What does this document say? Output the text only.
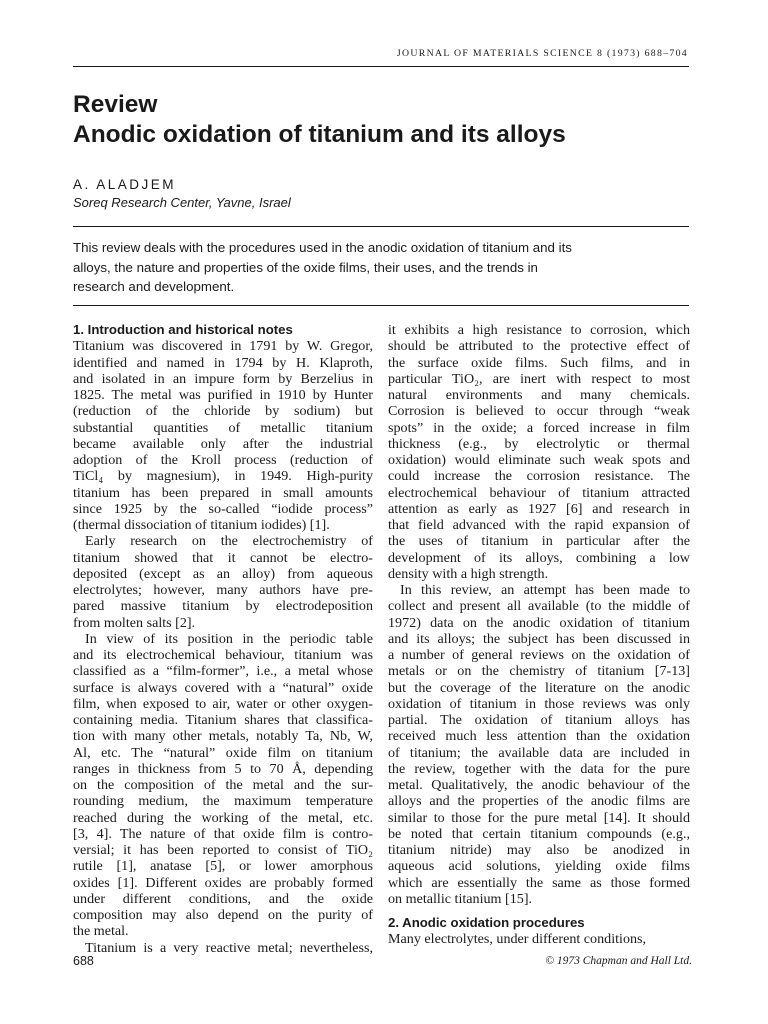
JOURNAL OF MATERIALS SCIENCE 8 (1973) 688–704
Review
Anodic oxidation of titanium and its alloys
A. ALADJEM
Soreq Research Center, Yavne, Israel
This review deals with the procedures used in the anodic oxidation of titanium and its
alloys, the nature and properties of the oxide films, their uses, and the trends in
research and development.
1. Introduction and historical notes
Titanium was discovered in 1791 by W. Gregor,
identified and named in 1794 by H. Klaproth,
and isolated in an impure form by Berzelius in
1825. The metal was purified in 1910 by Hunter
(reduction of the chloride by sodium) but
substantial quantities of metallic titanium
became available only after the industrial
adoption of the Kroll process (reduction of
TiCl₄ by magnesium), in 1949. High-purity
titanium has been prepared in small amounts
since 1925 by the so-called “iodide process”
(thermal dissociation of titanium iodides) [1].
Early research on the electrochemistry of
titanium showed that it cannot be electro-
deposited (except as an alloy) from aqueous
electrolytes; however, many authors have pre-
pared massive titanium by electrodeposition
from molten salts [2].
In view of its position in the periodic table
and its electrochemical behaviour, titanium was
classified as a “film-former”, i.e., a metal whose
surface is always covered with a “natural” oxide
film, when exposed to air, water or other oxygen-
containing media. Titanium shares that classifica-
tion with many other metals, notably Ta, Nb, W,
Al, etc. The “natural” oxide film on titanium
ranges in thickness from 5 to 70 Å, depending
on the composition of the metal and the sur-
rounding medium, the maximum temperature
reached during the working of the metal, etc.
[3, 4]. The nature of that oxide film is contro-
versial; it has been reported to consist of TiO₂
rutile [1], anatase [5], or lower amorphous
oxides [1]. Different oxides are probably formed
under different conditions, and the oxide
composition may also depend on the purity of
the metal.
Titanium is a very reactive metal; nevertheless,
it exhibits a high resistance to corrosion, which
should be attributed to the protective effect of
the surface oxide films. Such films, and in
particular TiO₂, are inert with respect to most
natural environments and many chemicals.
Corrosion is believed to occur through “weak
spots” in the oxide; a forced increase in film
thickness (e.g., by electrolytic or thermal
oxidation) would eliminate such weak spots and
could increase the corrosion resistance. The
electrochemical behaviour of titanium attracted
attention as early as 1927 [6] and research in
that field advanced with the rapid expansion of
the uses of titanium in particular after the
development of its alloys, combining a low
density with a high strength.
In this review, an attempt has been made to
collect and present all available (to the middle of
1972) data on the anodic oxidation of titanium
and its alloys; the subject has been discussed in
a number of general reviews on the oxidation of
metals or on the chemistry of titanium [7-13]
but the coverage of the literature on the anodic
oxidation of titanium in those reviews was only
partial. The oxidation of titanium alloys has
received much less attention than the oxidation
of titanium; the available data are included in
the review, together with the data for the pure
metal. Qualitatively, the anodic behaviour of the
alloys and the properties of the anodic films are
similar to those for the pure metal [14]. It should
be noted that certain titanium compounds (e.g.,
titanium nitride) may also be anodized in
aqueous acid solutions, yielding oxide films
which are essentially the same as those formed
on metallic titanium [15].
2. Anodic oxidation procedures
Many electrolytes, under different conditions,
688	© 1973 Chapman and Hall Ltd.
